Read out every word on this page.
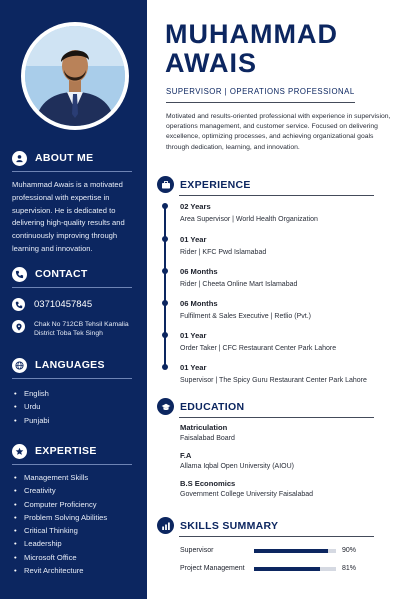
ABOUT ME

Muhammad Awais is a motivated professional with expertise in supervision. He is dedicated to delivering high-quality results and continuously improving through learning and innovation.

CONTACT
03710457845
Chak No 712CB Tehsil Kamalia District Toba Tek Singh
LANGUAGES
• English
• Urdu
• Punjabi
EXPERTISE
• Management Skills
• Creativity
• Computer Proficiency
• Problem Solving Abilities
• Critical Thinking
• Leadership
• Microsoft Office
• Revit Architecture
MUHAMMAD
AWAIS
SUPERVISOR | OPERATIONS PROFESSIONAL

Motivated and results-oriented professional with experience in supervision, operations management, and customer service. Focused on delivering excellence, optimizing processes, and achieving organizational goals through dedication, learning, and innovation.

EXPERIENCE
02 Years
Area Supervisor | World Health Organization
01 Year
Rider | KFC Pwd Islamabad
06 Months
Rider | Cheeta Online Mart Islamabad
06 Months
Fulfilment & Sales Executive | Retlio (Pvt.)
01 Year
Order Taker | CFC Restaurant Center Park Lahore
01 Year
Supervisor | The Spicy Guru Restaurant Center Park Lahore
EDUCATION
Matriculation
Faisalabad Board
F.A
Allama Iqbal Open University (AIOU)
B.S Economics
Government College University Faisalabad
SKILLS SUMMARY
Supervisor	90%
Project Management	81%
